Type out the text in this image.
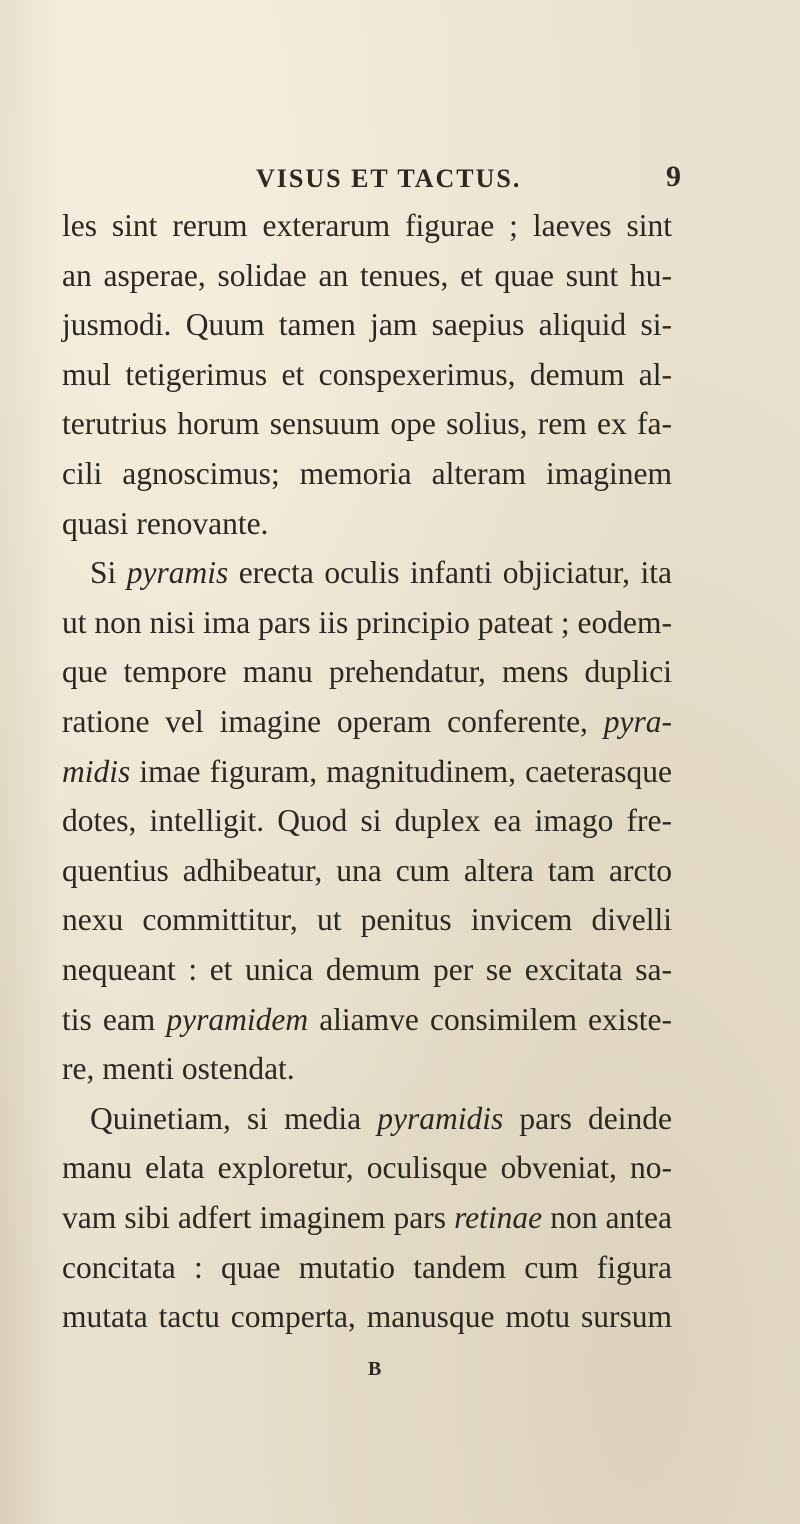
VISUS ET TACTUS.	9
les sint rerum exterarum figurae ; laeves sint
an asperae, solidae an tenues, et quae sunt hu-
jusmodi. Quum tamen jam saepius aliquid si-
mul tetigerimus et conspexerimus, demum al-
terutrius horum sensuum ope solius, rem ex fa-
cili agnoscimus; memoria alteram imaginem
quasi renovante.
Si pyramis erecta oculis infanti objiciatur, ita
ut non nisi ima pars iis principio pateat ; eodem-
que tempore manu prehendatur, mens duplici
ratione vel imagine operam conferente, pyra-
midis imae figuram, magnitudinem, caeterasque
dotes, intelligit. Quod si duplex ea imago fre-
quentius adhibeatur, una cum altera tam arcto
nexu committitur, ut penitus invicem divelli
nequeant : et unica demum per se excitata sa-
tis eam pyramidem aliamve consimilem existe-
re, menti ostendat.
Quinetiam, si media pyramidis pars deinde
manu elata exploretur, oculisque obveniat, no-
vam sibi adfert imaginem pars retinae non antea
concitata : quae mutatio tandem cum figura
mutata tactu comperta, manusque motu sursum
B
